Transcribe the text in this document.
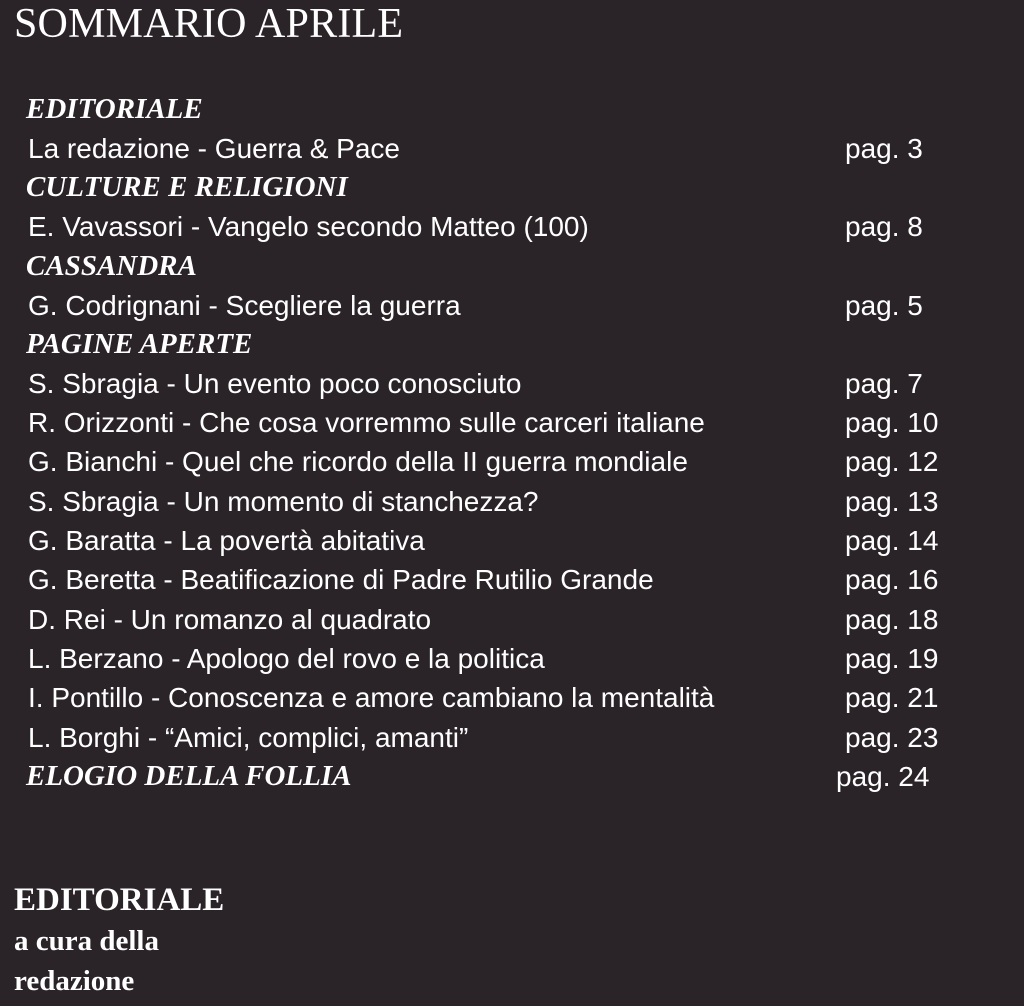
SOMMARIO APRILE
EDITORIALE
La redazione - Guerra & Pace	pag. 3
CULTURE E RELIGIONI
E. Vavassori - Vangelo secondo Matteo (100)	pag. 8
CASSANDRA
G. Codrignani - Scegliere la guerra	pag. 5
PAGINE APERTE
S. Sbragia - Un evento poco conosciuto	pag. 7
R. Orizzonti - Che cosa vorremmo sulle carceri italiane	pag. 10
G. Bianchi - Quel che ricordo della II guerra mondiale	pag. 12
S. Sbragia - Un momento di stanchezza?	pag. 13
G. Baratta - La povertà abitativa	pag. 14
G. Beretta - Beatificazione di Padre Rutilio Grande	pag. 16
D. Rei - Un romanzo al quadrato	pag. 18
L. Berzano - Apologo del rovo e la politica	pag. 19
I. Pontillo - Conoscenza e amore cambiano la mentalità	pag. 21
L. Borghi - “Amici, complici, amanti”	pag. 23
ELOGIO DELLA FOLLIA	pag. 24
EDITORIALE
a cura della
redazione
